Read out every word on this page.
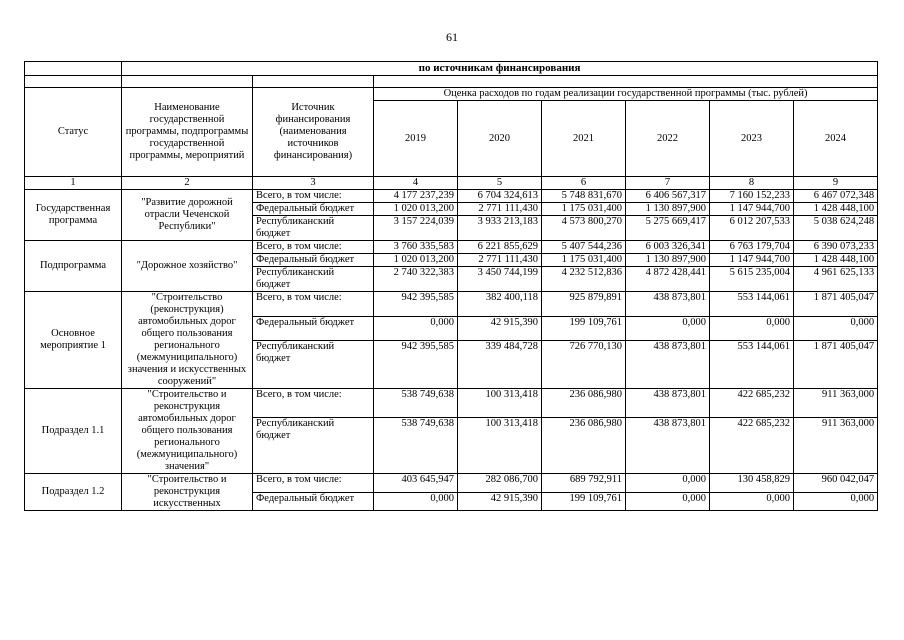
61
	по источникам финансирования							

Статус	Наименование государственной программы, подпрограммы государственной программы, мероприятий	Источник финансирования (наименования источников финансирования)	Оценка расходов по годам реализации государственной программы (тыс. рублей)					
			2019	2020	2021	2022	2023	2024
1	2	3	4	5	6	7	8	9
Государственная программа	"Развитие дорожной отрасли Чеченской Республики"	Всего, в том числе:	4 177 237,239	6 704 324,613	5 748 831,670	6 406 567,317	7 160 152,233	6 467 072,348
		Федеральный бюджет	1 020 013,200	2 771 111,430	1 175 031,400	1 130 897,900	1 147 944,700	1 428 448,100
		Республиканский бюджет	3 157 224,039	3 933 213,183	4 573 800,270	5 275 669,417	6 012 207,533	5 038 624,248
Подпрограмма	"Дорожное хозяйство"	Всего, в том числе:	3 760 335,583	6 221 855,629	5 407 544,236	6 003 326,341	6 763 179,704	6 390 073,233
		Федеральный бюджет	1 020 013,200	2 771 111,430	1 175 031,400	1 130 897,900	1 147 944,700	1 428 448,100
		Республиканский бюджет	2 740 322,383	3 450 744,199	4 232 512,836	4 872 428,441	5 615 235,004	4 961 625,133
Основное мероприятие 1	"Строительство (реконструкция) автомобильных дорог общего пользования регионального (межмуниципального) значения и искусственных сооружений"	Всего, в том числе:	942 395,585	382 400,118	925 879,891	438 873,801	553 144,061	1 871 405,047
		Федеральный бюджет	0,000	42 915,390	199 109,761	0,000	0,000	0,000
		Республиканский бюджет	942 395,585	339 484,728	726 770,130	438 873,801	553 144,061	1 871 405,047
Подраздел 1.1	"Строительство и реконструкция автомобильных дорог общего пользования регионального (межмуниципального) значения"	Всего, в том числе:	538 749,638	100 313,418	236 086,980	438 873,801	422 685,232	911 363,000
		Республиканский бюджет	538 749,638	100 313,418	236 086,980	438 873,801	422 685,232	911 363,000
Подраздел 1.2	"Строительство и реконструкция искусственных	Всего, в том числе:	403 645,947	282 086,700	689 792,911	0,000	130 458,829	960 042,047
		Федеральный бюджет	0,000	42 915,390	199 109,761	0,000	0,000	0,000
